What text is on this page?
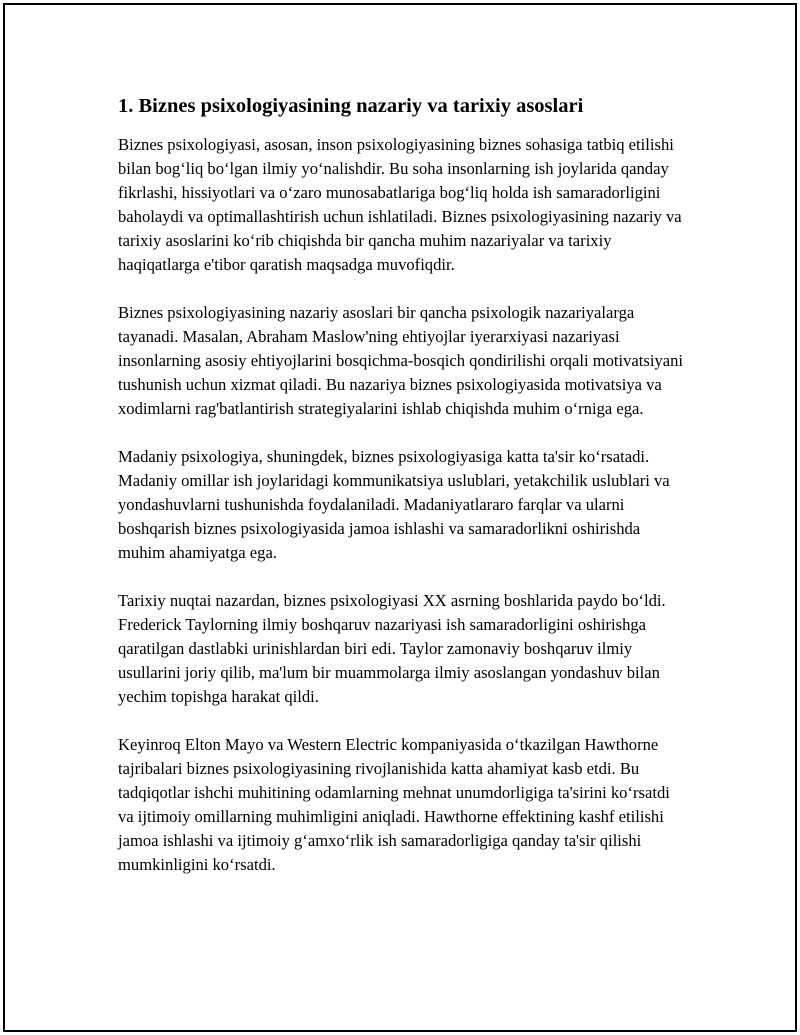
1. Biznes psixologiyasining nazariy va tarixiy asoslari

Biznes psixologiyasi, asosan, inson psixologiyasining biznes sohasiga tatbiq etilishi bilan bog‘liq bo‘lgan ilmiy yo‘nalishdir. Bu soha insonlarning ish joylarida qanday fikrlashi, hissiyotlari va o‘zaro munosabatlariga bog‘liq holda ish samaradorligini baholaydi va optimallashtirish uchun ishlatiladi. Biznes psixologiyasining nazariy va tarixiy asoslarini ko‘rib chiqishda bir qancha muhim nazariyalar va tarixiy haqiqatlarga e'tibor qaratish maqsadga muvofiqdir.

Biznes psixologiyasining nazariy asoslari bir qancha psixologik nazariyalarga tayanadi. Masalan, Abraham Maslow'ning ehtiyojlar iyerarxiyasi nazariyasi insonlarning asosiy ehtiyojlarini bosqichma-bosqich qondirilishi orqali motivatsiyani tushunish uchun xizmat qiladi. Bu nazariya biznes psixologiyasida motivatsiya va xodimlarni rag'batlantirish strategiyalarini ishlab chiqishda muhim o‘rniga ega.

Madaniy psixologiya, shuningdek, biznes psixologiyasiga katta ta'sir ko‘rsatadi. Madaniy omillar ish joylaridagi kommunikatsiya uslublari, yetakchilik uslublari va yondashuvlarni tushunishda foydalaniladi. Madaniyatlararo farqlar va ularni boshqarish biznes psixologiyasida jamoa ishlashi va samaradorlikni oshirishda muhim ahamiyatga ega.

Tarixiy nuqtai nazardan, biznes psixologiyasi XX asrning boshlarida paydo bo‘ldi. Frederick Taylorning ilmiy boshqaruv nazariyasi ish samaradorligini oshirishga qaratilgan dastlabki urinishlardan biri edi. Taylor zamonaviy boshqaruv ilmiy usullarini joriy qilib, ma'lum bir muammolarga ilmiy asoslangan yondashuv bilan yechim topishga harakat qildi.

Keyinroq Elton Mayo va Western Electric kompaniyasida o‘tkazilgan Hawthorne tajribalari biznes psixologiyasining rivojlanishida katta ahamiyat kasb etdi. Bu tadqiqotlar ishchi muhitining odamlarning mehnat unumdorligiga ta'sirini ko‘rsatdi va ijtimoiy omillarning muhimligini aniqladi. Hawthorne effektining kashf etilishi jamoa ishlashi va ijtimoiy g‘amxo‘rlik ish samaradorligiga qanday ta'sir qilishi mumkinligini ko‘rsatdi.
